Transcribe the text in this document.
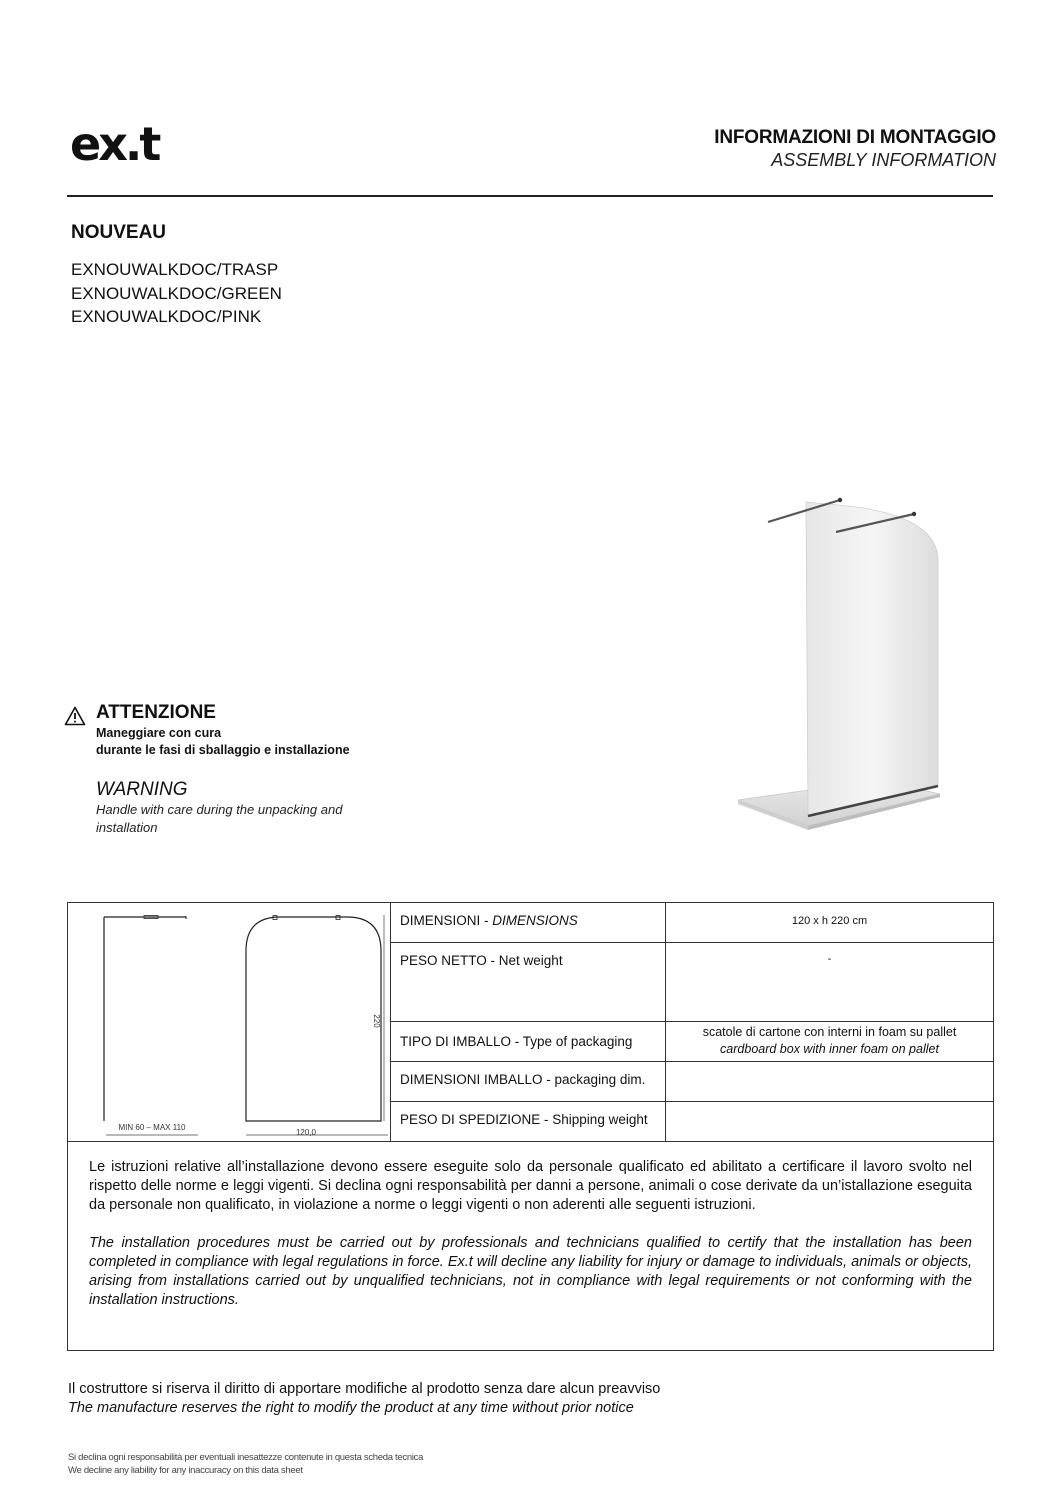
ex.t	INFORMAZIONI DI MONTAGGIO
ASSEMBLY INFORMATION
NOUVEAU
EXNOUWALKDOC/TRASP
EXNOUWALKDOC/GREEN
EXNOUWALKDOC/PINK
ATTENZIONE
Maneggiare con cura
durante le fasi di sballaggio e installazione
WARNING
Handle with care during the unpacking and installation
MIN 60 – MAX 110
120,0
220
DIMENSIONI - DIMENSIONS	120 x h 220 cm
PESO NETTO - Net weight	-
TIPO DI IMBALLO - Type of packaging
scatole di cartone con interni in foam su pallet
cardboard box with inner foam on pallet
DIMENSIONI IMBALLO - packaging dim.
PESO DI SPEDIZIONE - Shipping weight

Le istruzioni relative all’installazione devono essere eseguite solo da personale qualificato ed abilitato a certificare il lavoro svolto nel rispetto delle norme e leggi vigenti. Si declina ogni responsabilità per danni a persone, animali o cose derivate da un’istallazione eseguita da personale non qualificato, in violazione a norme o leggi vigenti o non aderenti alle seguenti istruzioni.

The installation procedures must be carried out by professionals and technicians qualified to certify that the installation has been completed in compliance with legal regulations in force. Ex.t will decline any liability for injury or damage to individuals, animals or objects, arising from installations carried out by unqualified technicians, not in compliance with legal requirements or not conforming with the installation instructions.

Il costruttore si riserva il diritto di apportare modifiche al prodotto senza dare alcun preavviso
The manufacture reserves the right to modify the product at any time without prior notice
Si declina ogni responsabilità per eventuali inesattezze contenute in questa scheda tecnica
We decline any liability for any inaccuracy on this data sheet
